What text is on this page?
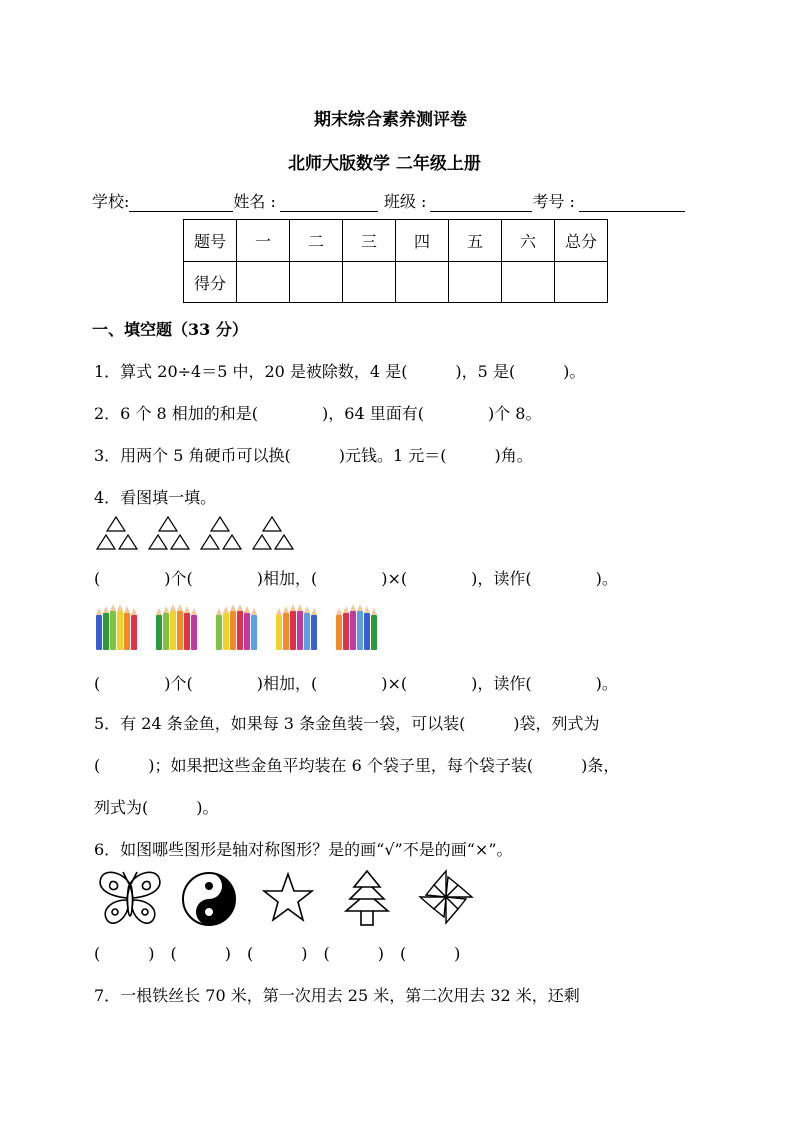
期末综合素养测评卷
北师大版数学 二年级上册
学校:	姓名 :	班级 :	考号 :
题号	一	二	三	四	五	六	总分
得分							
一、填空题（33 分）
1．算式 20÷4＝5 中，20 是被除数，4 是(　　　)，5 是(　　　)。
2．6 个 8 相加的和是(　　　　)，64 里面有(　　　　)个 8。
3．用两个 5 角硬币可以换(　　　)元钱。1 元＝(　　　)角。
4．看图填一填。
(　　　　)个(　　　　)相加，(　　　　)×(　　　　)，读作(　　　　)。
(　　　　)个(　　　　)相加，(　　　　)×(　　　　)，读作(　　　　)。
5．有 24 条金鱼，如果每 3 条金鱼装一袋，可以装(　　　)袋，列式为
(　　　)；如果把这些金鱼平均装在 6 个袋子里，每个袋子装(　　　)条，
列式为(　　　)。
6．如图哪些图形是轴对称图形？是的画“√”不是的画“×”。
(　　　)　(　　　)　(　　　)　(　　　)　(　　　)
7．一根铁丝长 70 米，第一次用去 25 米，第二次用去 32 米，还剩
